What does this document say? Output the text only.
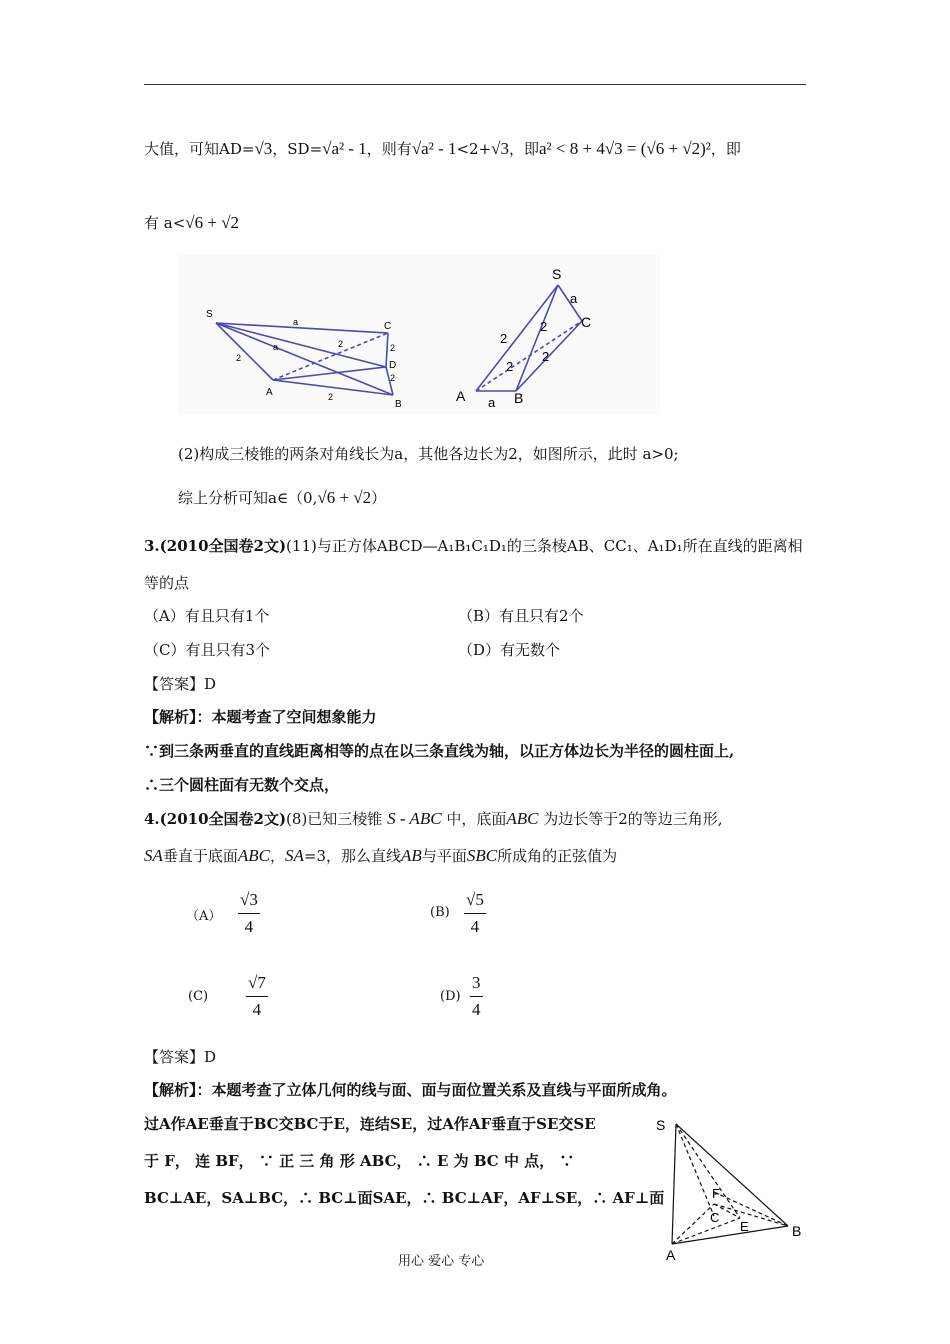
大值，可知AD=√3，SD=√a² - 1，则有√a² - 1<2+√3，即a² < 8 + 4√3 = (√6 + √2)²，即
有 a<√6 + √2
S
C
A
D
B
a
2
2
a	2
2
2
S
C
A	B
a
2
2
2
2
a
(2)构成三棱锥的两条对角线长为a，其他各边长为2，如图所示，此时 a>0;
综上分析可知a∈（0,√6 + √2）
3.(2010全国卷2文)(11)与正方体ABCD—A₁B₁C₁D₁的三条棱AB、CC₁、A₁D₁所在直线的距离相
等的点
（A）有且只有1个	（B）有且只有2个
（C）有且只有3个	（D）有无数个
【答案】D
【解析】：本题考查了空间想象能力
∵到三条两垂直的直线距离相等的点在以三条直线为轴，以正方体边长为半径的圆柱面上,
∴三个圆柱面有无数个交点，
4.(2010全国卷2文)(8)已知三棱锥 S - ABC 中，底面ABC 为边长等于2的等边三角形,
SA垂直于底面ABC，SA=3，那么直线AB与平面SBC所成角的正弦值为
（A）
√3
4
(B)
√5
4
(C)
√7
4
(D)
3
4
【答案】D
【解析】：本题考查了立体几何的线与面、面与面位置关系及直线与平面所成角。
过A作AE垂直于BC交BC于E，连结SE，过A作AF垂直于SE交SE
于 F， 连 BF， ∵ 正 三 角 形 ABC， ∴ E 为 BC 中 点， ∵
BC⊥AE，SA⊥BC，∴ BC⊥面SAE，∴ BC⊥AF，AF⊥SE，∴ AF⊥面
S
F
C
E	B
A
用心 爱心 专心
